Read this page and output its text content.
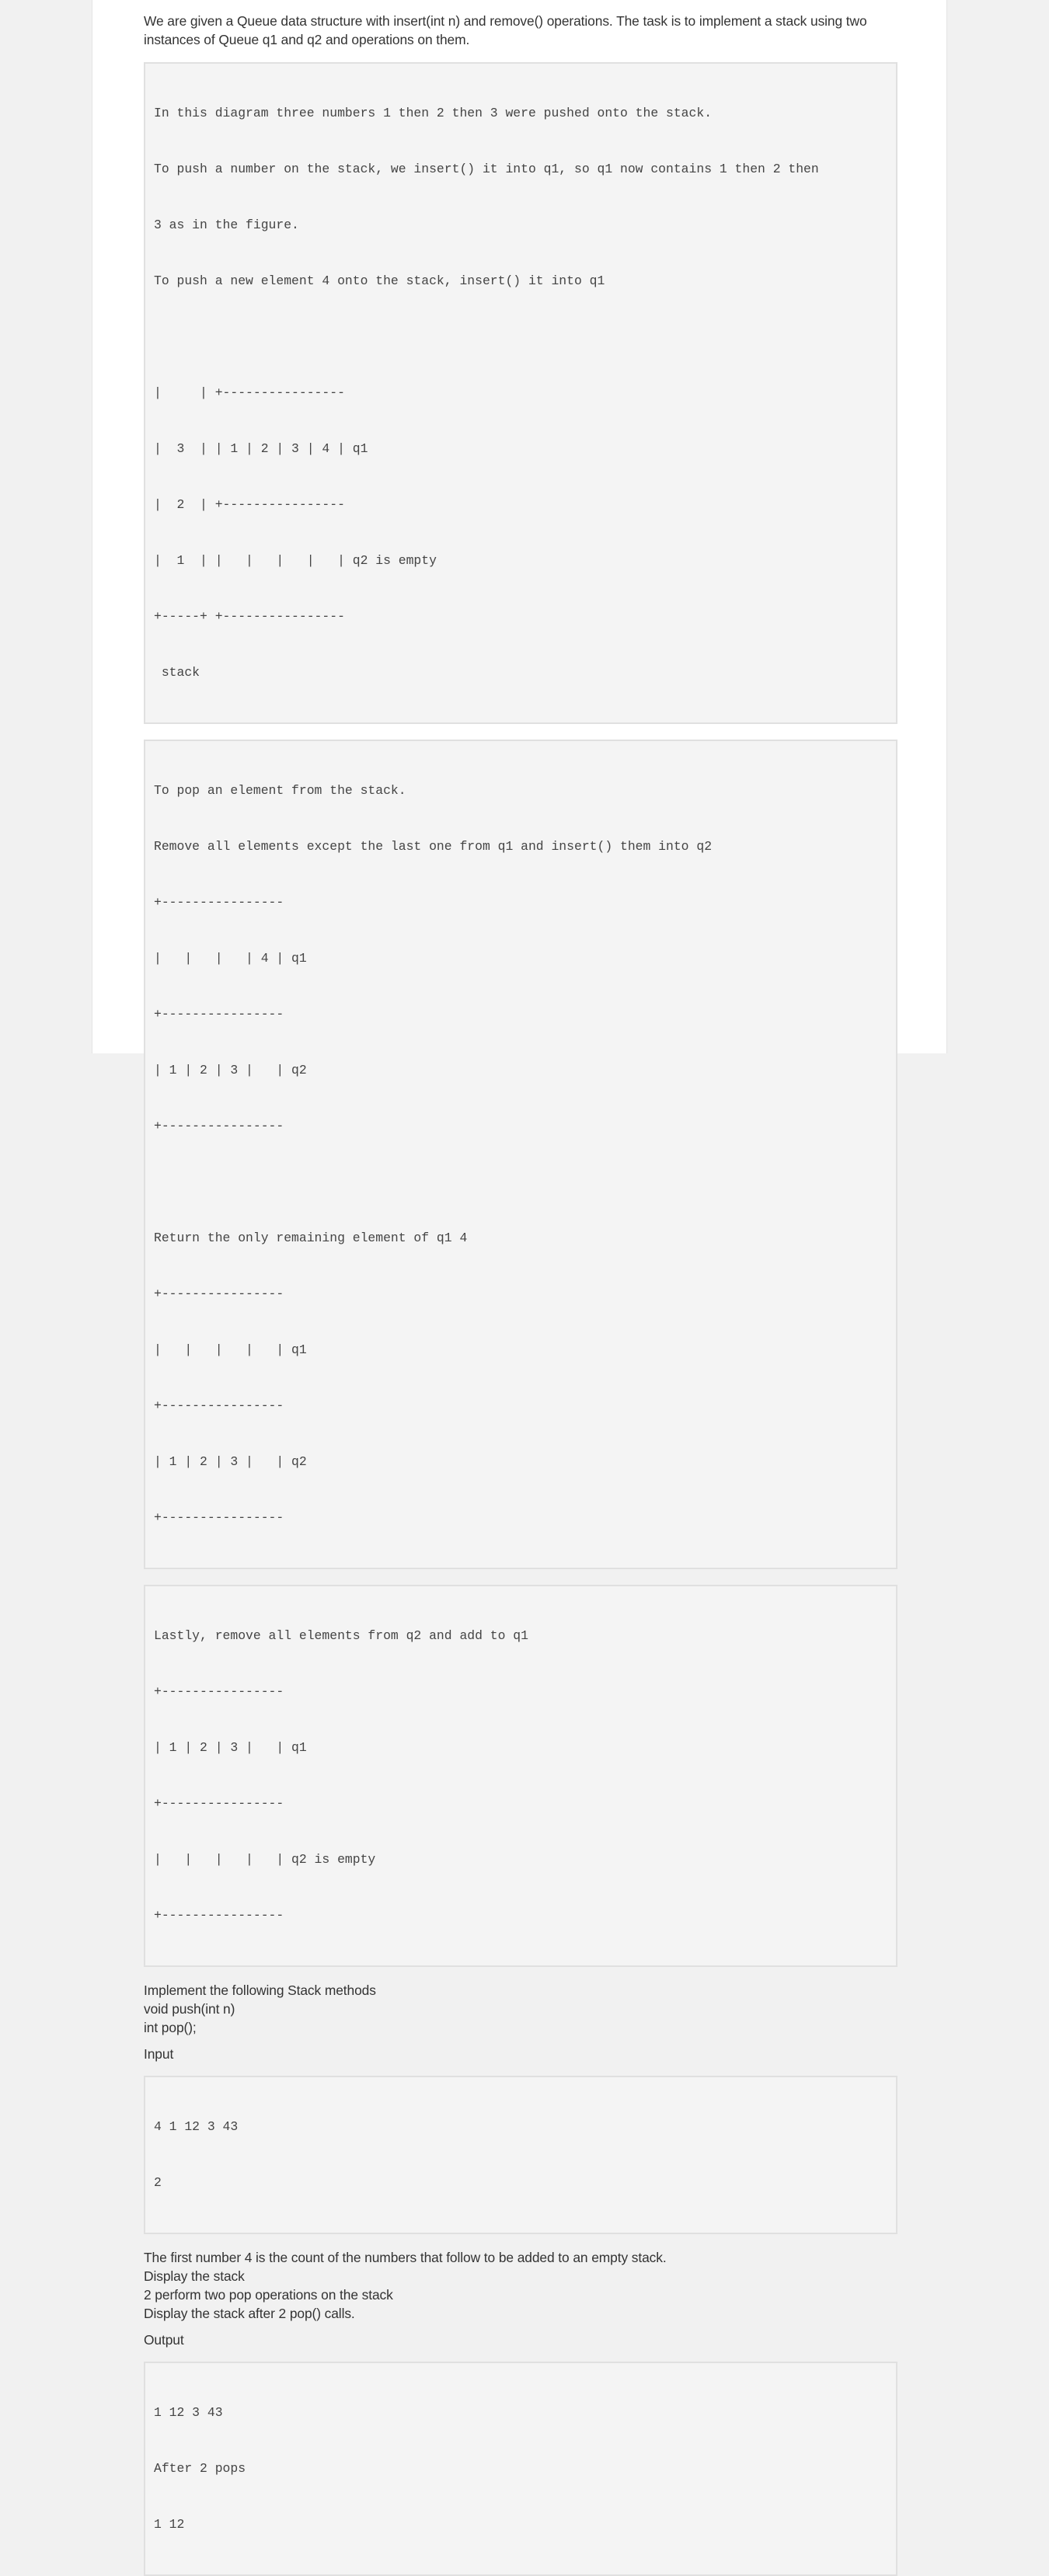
We are given a Queue data structure with insert(int n) and remove() operations. The task is to implement a stack using two
instances of Queue q1 and q2 and operations on them.

In this diagram three numbers 1 then 2 then 3 were pushed onto the stack.

To push a number on the stack, we insert() it into q1, so q1 now contains 1 then 2 then

3 as in the figure.

To push a new element 4 onto the stack, insert() it into q1

|     | +----------------

|  3  | | 1 | 2 | 3 | 4 | q1

|  2  | +----------------

|  1  | |   |   |   |   | q2 is empty

+-----+ +----------------

stack

To pop an element from the stack.

Remove all elements except the last one from q1 and insert() them into q2

+----------------

|   |   |   | 4 | q1

+----------------

| 1 | 2 | 3 |   | q2

+----------------

Return the only remaining element of q1 4

+----------------

|   |   |   |   | q1

+----------------

| 1 | 2 | 3 |   | q2

+----------------

Lastly, remove all elements from q2 and add to q1

+----------------

| 1 | 2 | 3 |   | q1

+----------------

|   |   |   |   | q2 is empty

+----------------

Implement the following Stack methods
void push(int n)
int pop();

Input

4 1 12 3 43

2

The first number 4 is the count of the numbers that follow to be added to an empty stack.
Display the stack
2 perform two pop operations on the stack
Display the stack after 2 pop() calls.

Output

1 12 3 43

After 2 pops

1 12
